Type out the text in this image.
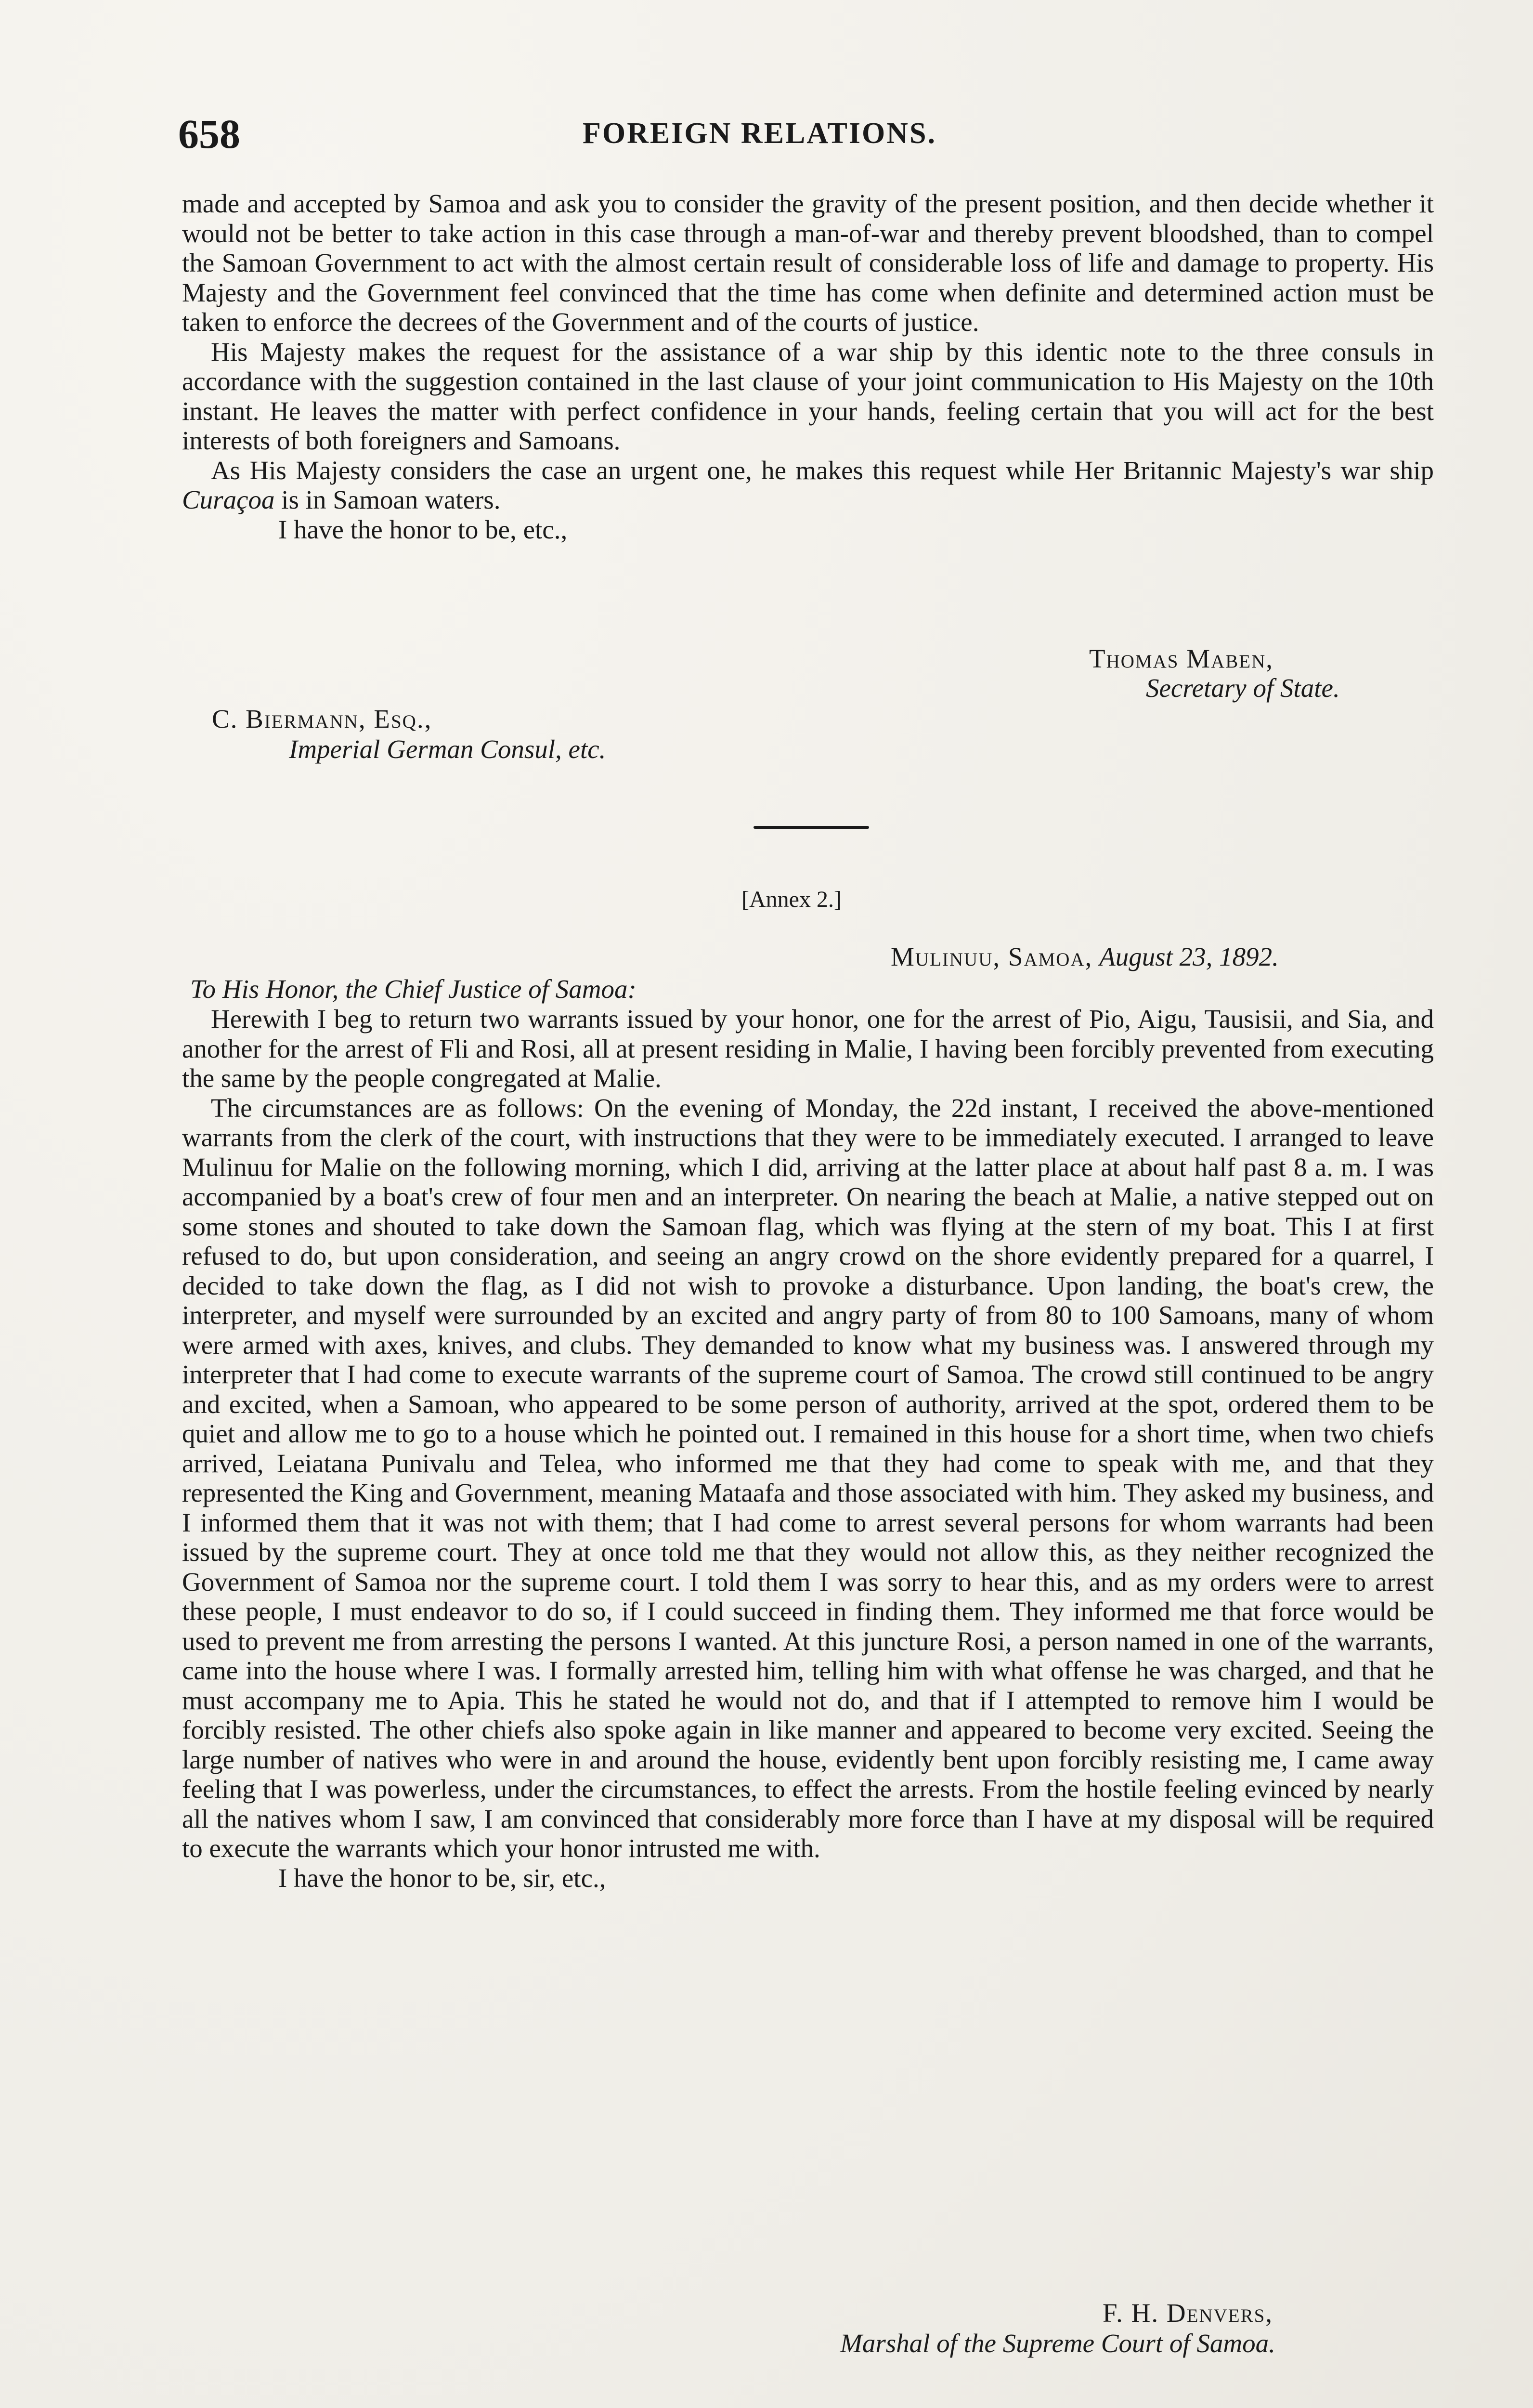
658	FOREIGN RELATIONS.

made and accepted by Samoa and ask you to consider the gravity of the present position, and then decide whether it would not be better to take action in this case through a man-of-war and thereby prevent bloodshed, than to compel the Samoan Government to act with the almost certain result of considerable loss of life and damage to property. His Majesty and the Government feel convinced that the time has come when definite and determined action must be taken to enforce the decrees of the Government and of the courts of justice.

His Majesty makes the request for the assistance of a war ship by this identic note to the three consuls in accordance with the suggestion contained in the last clause of your joint communication to His Majesty on the 10th instant. He leaves the matter with perfect confidence in your hands, feeling certain that you will act for the best interests of both foreigners and Samoans.

As His Majesty considers the case an urgent one, he makes this request while Her Britannic Majesty's war ship Curaçoa is in Samoan waters.

I have the honor to be, etc.,

Thomas Maben,
Secretary of State.
C. Biermann, Esq.,
Imperial German Consul, etc.
[Annex 2.]
Mulinuu, Samoa, August 23, 1892.
To His Honor, the Chief Justice of Samoa:

Herewith I beg to return two warrants issued by your honor, one for the arrest of Pio, Aigu, Tausisii, and Sia, and another for the arrest of Fli and Rosi, all at present residing in Malie, I having been forcibly prevented from executing the same by the people congregated at Malie.

The circumstances are as follows: On the evening of Monday, the 22d instant, I received the above-mentioned warrants from the clerk of the court, with instructions that they were to be immediately executed. I arranged to leave Mulinuu for Malie on the following morning, which I did, arriving at the latter place at about half past 8 a. m. I was accompanied by a boat's crew of four men and an interpreter. On nearing the beach at Malie, a native stepped out on some stones and shouted to take down the Samoan flag, which was flying at the stern of my boat. This I at first refused to do, but upon consideration, and seeing an angry crowd on the shore evidently prepared for a quarrel, I decided to take down the flag, as I did not wish to provoke a disturbance. Upon landing, the boat's crew, the interpreter, and myself were surrounded by an excited and angry party of from 80 to 100 Samoans, many of whom were armed with axes, knives, and clubs. They demanded to know what my business was. I answered through my interpreter that I had come to execute warrants of the supreme court of Samoa. The crowd still continued to be angry and excited, when a Samoan, who appeared to be some person of authority, arrived at the spot, ordered them to be quiet and allow me to go to a house which he pointed out. I remained in this house for a short time, when two chiefs arrived, Leiatana Punivalu and Telea, who informed me that they had come to speak with me, and that they represented the King and Government, meaning Mataafa and those associated with him. They asked my business, and I informed them that it was not with them; that I had come to arrest several persons for whom warrants had been issued by the supreme court. They at once told me that they would not allow this, as they neither recognized the Government of Samoa nor the supreme court. I told them I was sorry to hear this, and as my orders were to arrest these people, I must endeavor to do so, if I could succeed in finding them. They informed me that force would be used to prevent me from arresting the persons I wanted. At this juncture Rosi, a person named in one of the warrants, came into the house where I was. I formally arrested him, telling him with what offense he was charged, and that he must accompany me to Apia. This he stated he would not do, and that if I attempted to remove him I would be forcibly resisted. The other chiefs also spoke again in like manner and appeared to become very excited. Seeing the large number of natives who were in and around the house, evidently bent upon forcibly resisting me, I came away feeling that I was powerless, under the circumstances, to effect the arrests. From the hostile feeling evinced by nearly all the natives whom I saw, I am convinced that considerably more force than I have at my disposal will be required to execute the warrants which your honor intrusted me with.

I have the honor to be, sir, etc.,

F. H. Denvers,
Marshal of the Supreme Court of Samoa.
